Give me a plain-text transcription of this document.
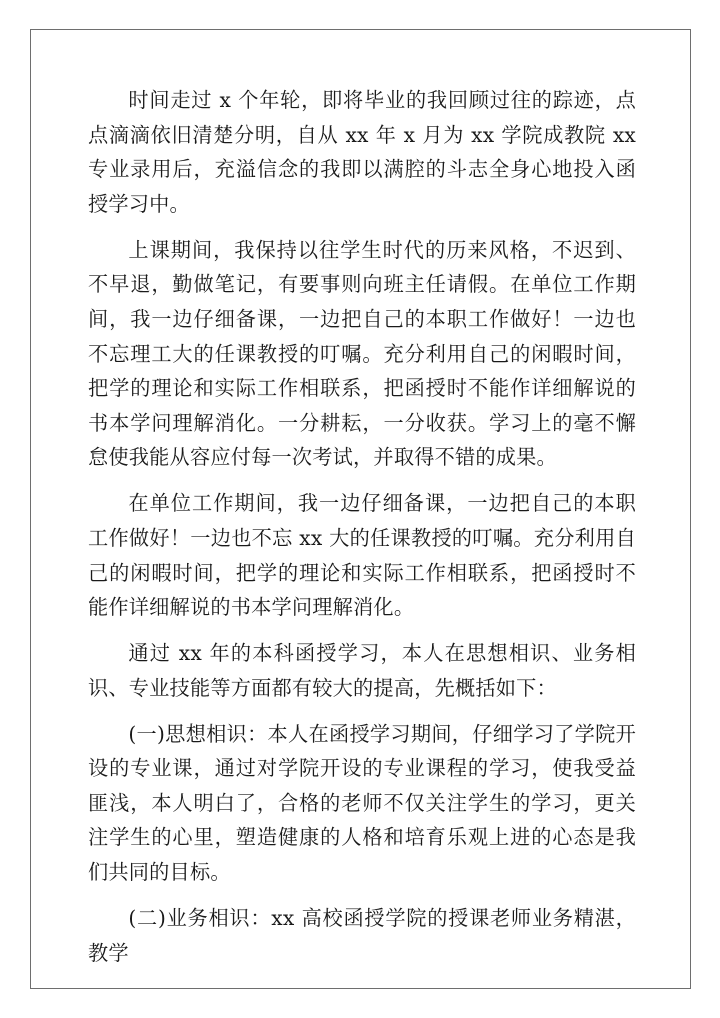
时间走过 x 个年轮，即将毕业的我回顾过往的踪迹，点点滴滴依旧清楚分明，自从 xx 年 x 月为 xx 学院成教院 xx 专业录用后，充溢信念的我即以满腔的斗志全身心地投入函授学习中。

上课期间，我保持以往学生时代的历来风格，不迟到、不早退，勤做笔记，有要事则向班主任请假。在单位工作期间，我一边仔细备课，一边把自己的本职工作做好！一边也不忘理工大的任课教授的叮嘱。充分利用自己的闲暇时间，把学的理论和实际工作相联系，把函授时不能作详细解说的书本学问理解消化。一分耕耘，一分收获。学习上的毫不懈怠使我能从容应付每一次考试，并取得不错的成果。

在单位工作期间，我一边仔细备课，一边把自己的本职工作做好！一边也不忘 xx 大的任课教授的叮嘱。充分利用自己的闲暇时间，把学的理论和实际工作相联系，把函授时不能作详细解说的书本学问理解消化。

通过 xx 年的本科函授学习，本人在思想相识、业务相识、专业技能等方面都有较大的提高，先概括如下：

(一)思想相识：本人在函授学习期间，仔细学习了学院开设的专业课，通过对学院开设的专业课程的学习，使我受益匪浅，本人明白了，合格的老师不仅关注学生的学习，更关注学生的心里，塑造健康的人格和培育乐观上进的心态是我们共同的目标。

(二)业务相识：xx 高校函授学院的授课老师业务精湛，教学
